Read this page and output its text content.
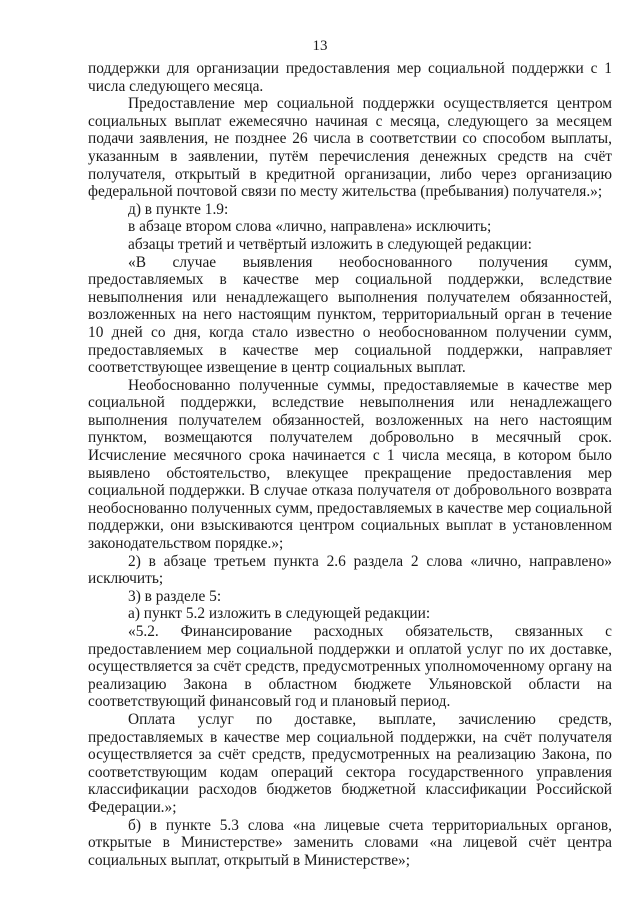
13

поддержки для организации предоставления мер социальной поддержки с 1 числа следующего месяца.

Предоставление мер социальной поддержки осуществляется центром социальных выплат ежемесячно начиная с месяца, следующего за месяцем подачи заявления, не позднее 26 числа в соответствии со способом выплаты, указанным в заявлении, путём перечисления денежных средств на счёт получателя, открытый в кредитной организации, либо через организацию федеральной почтовой связи по месту жительства (пребывания) получателя.»;

д) в пункте 1.9:

в абзаце втором слова «лично, направлена» исключить;

абзацы третий и четвёртый изложить в следующей редакции:

«В случае выявления необоснованного получения сумм, предоставляемых в качестве мер социальной поддержки, вследствие невыполнения или ненадлежащего выполнения получателем обязанностей, возложенных на него настоящим пунктом, территориальный орган в течение 10 дней со дня, когда стало известно о необоснованном получении сумм, предоставляемых в качестве мер социальной поддержки, направляет соответствующее извещение в центр социальных выплат.

Необоснованно полученные суммы, предоставляемые в качестве мер социальной поддержки, вследствие невыполнения или ненадлежащего выполнения получателем обязанностей, возложенных на него настоящим пунктом, возмещаются получателем добровольно в месячный срок. Исчисление месячного срока начинается с 1 числа месяца, в котором было выявлено обстоятельство, влекущее прекращение предоставления мер социальной поддержки. В случае отказа получателя от добровольного возврата необоснованно полученных сумм, предоставляемых в качестве мер социальной поддержки, они взыскиваются центром социальных выплат в установленном законодательством порядке.»;

2) в абзаце третьем пункта 2.6 раздела 2 слова «лично, направлено» исключить;

3) в разделе 5:

а) пункт 5.2 изложить в следующей редакции:

«5.2. Финансирование расходных обязательств, связанных с предоставлением мер социальной поддержки и оплатой услуг по их доставке, осуществляется за счёт средств, предусмотренных уполномоченному органу на реализацию Закона в областном бюджете Ульяновской области на соответствующий финансовый год и плановый период.

Оплата услуг по доставке, выплате, зачислению средств, предоставляемых в качестве мер социальной поддержки, на счёт получателя осуществляется за счёт средств, предусмотренных на реализацию Закона, по соответствующим кодам операций сектора государственного управления классификации расходов бюджетов бюджетной классификации Российской Федерации.»;

б) в пункте 5.3 слова «на лицевые счета территориальных органов, открытые в Министерстве» заменить словами «на лицевой счёт центра социальных выплат, открытый в Министерстве»;
